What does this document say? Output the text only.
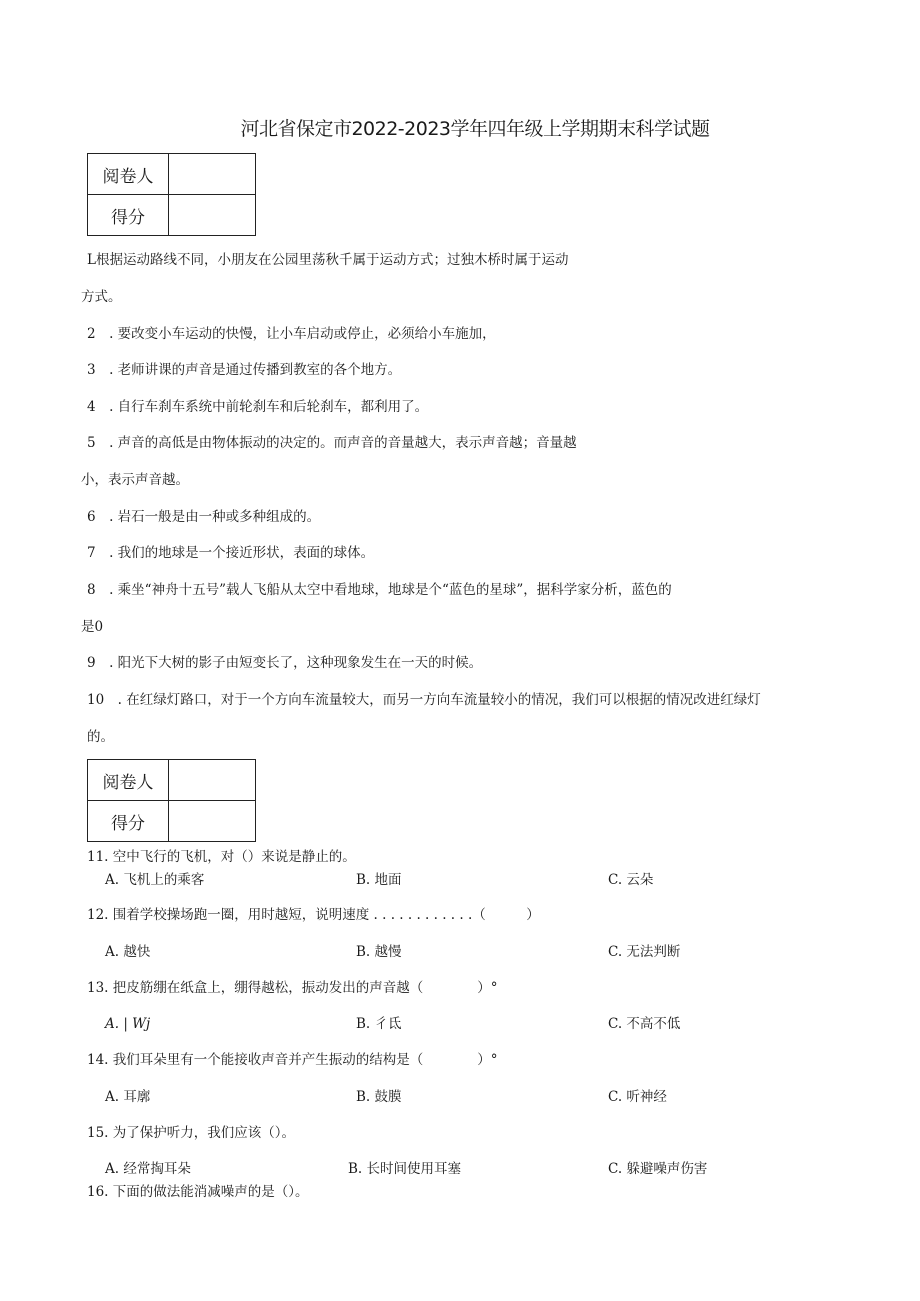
河北省保定市2022-2023学年四年级上学期期末科学试题
阅卷人	
得分	
L根据运动路线不同，小朋友在公园里荡秋千属于运动方式；过独木桥时属于运动
方式。
2　. 要改变小车运动的快慢，让小车启动或停止，必须给小车施加，
3　. 老师讲课的声音是通过传播到教室的各个地方。
4　. 自行车刹车系统中前轮刹车和后轮刹车，都利用了。
5　. 声音的高低是由物体振动的决定的。而声音的音量越大，表示声音越；音量越
小，表示声音越。
6　. 岩石一般是由一种或多种组成的。
7　. 我们的地球是一个接近形状，表面的球体。
8　. 乘坐“神舟十五号”载人飞船从太空中看地球，地球是个“蓝色的星球”，据科学家分析，蓝色的
是0
9　. 阳光下大树的影子由短变长了，这种现象发生在一天的时候。
10　. 在红绿灯路口，对于一个方向车流量较大，而另一方向车流量较小的情况，我们可以根据的情况改进红绿灯
的。
阅卷人	
得分	
11. 空中飞行的飞机，对（）来说是静止的。
A. 飞机上的乘客	B. 地面	C. 云朵
12. 围着学校操场跑一圈，用时越短，说明速度 . . . . . . . . . . . .（　　　）
A. 越快	B. 越慢	C. 无法判断
13. 把皮筋绷在纸盒上，绷得越松，振动发出的声音越（　　　　）°
A. | Wj	B. 彳氐	C. 不高不低
14. 我们耳朵里有一个能接收声音并产生振动的结构是（　　　　）°
A. 耳廓	B. 鼓膜	C. 听神经
15. 为了保护听力，我们应该（）。
A. 经常掏耳朵	B. 长时间使用耳塞	C. 躲避噪声伤害
16. 下面的做法能消减噪声的是（）。
